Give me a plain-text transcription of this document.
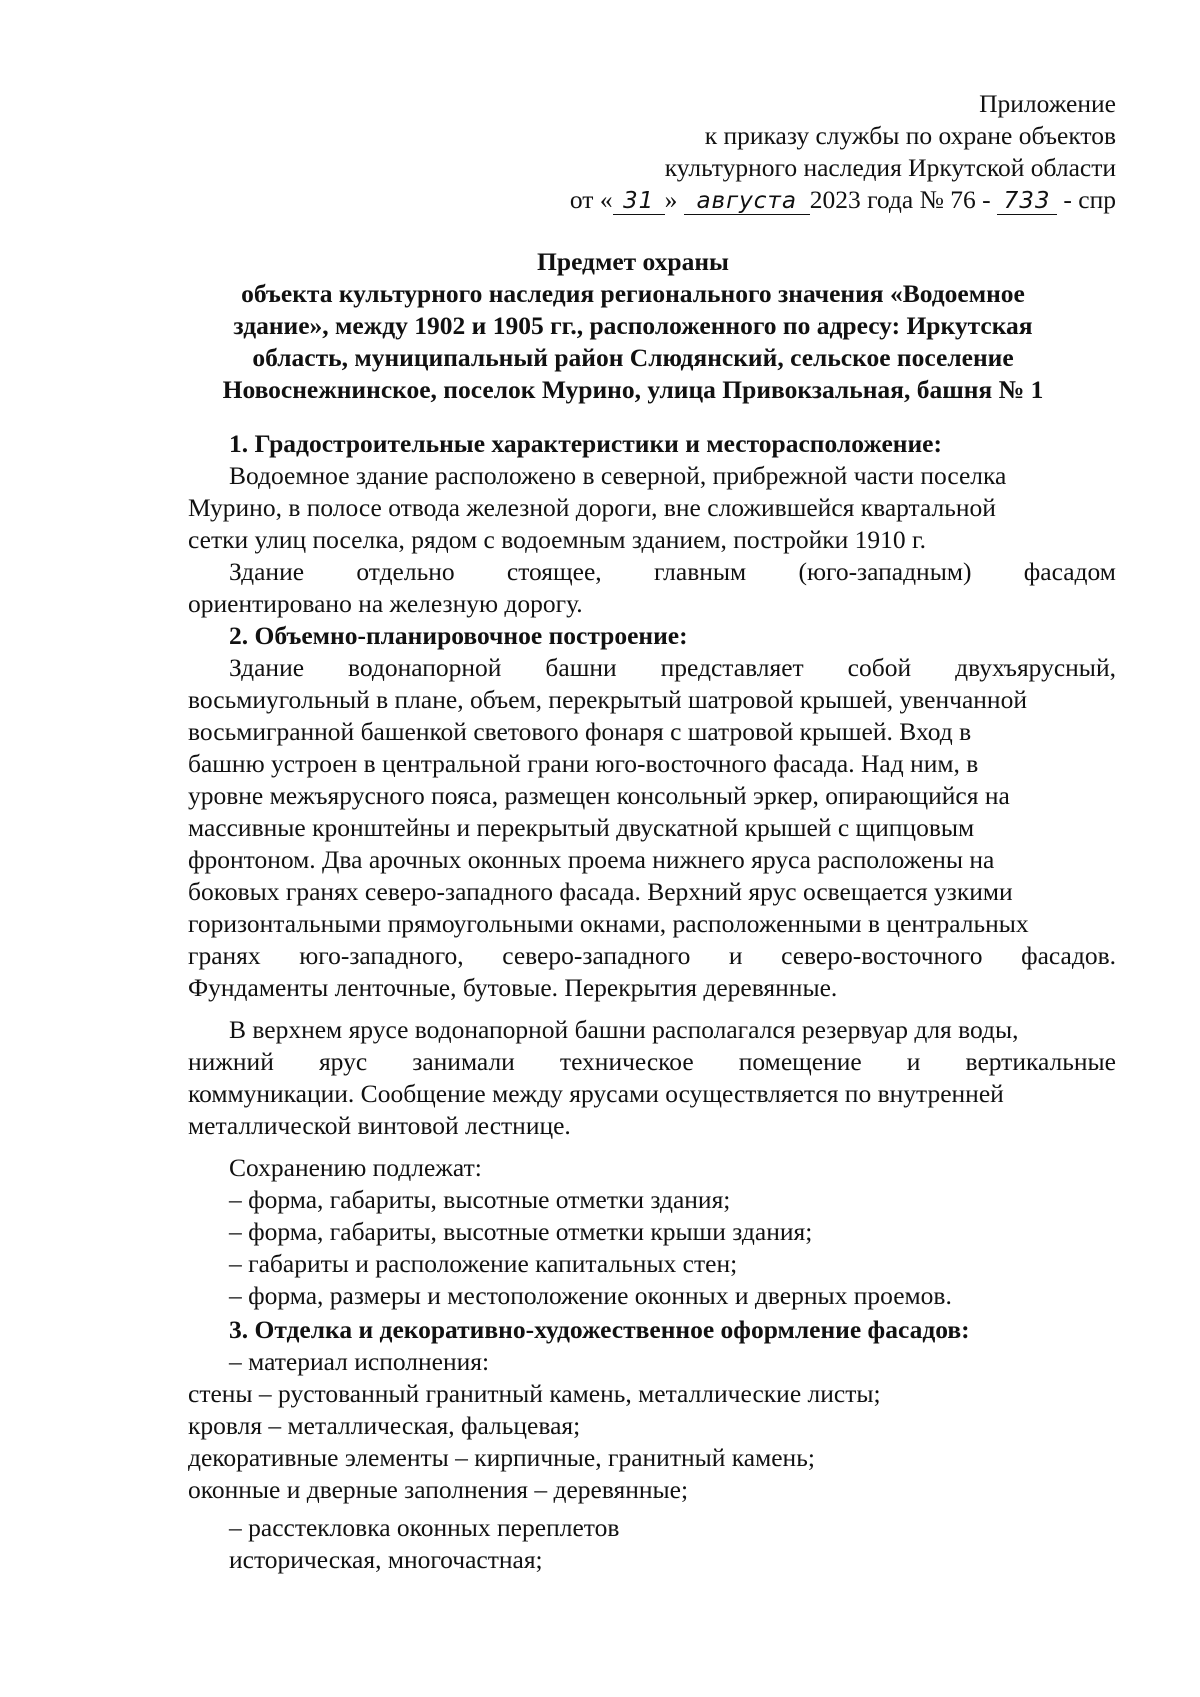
Приложение
к приказу службы по охране объектов
культурного наследия Иркутской области
от « 31 » августа 2023 года № 76 - 733 - спр
Предмет охраны
объекта культурного наследия регионального значения «Водоемное
здание», между 1902 и 1905 гг., расположенного по адресу: Иркутская
область, муниципальный район Слюдянский, сельское поселение
Новоснежнинское, поселок Мурино, улица Привокзальная, башня № 1
1. Градостроительные характеристики и месторасположение:
Водоемное здание расположено в северной, прибрежной части поселка
Мурино, в полосе отвода железной дороги, вне сложившейся квартальной
сетки улиц поселка, рядом с водоемным зданием, постройки 1910 г.
Здание отдельно стоящее, главным (юго-западным) фасадом
ориентировано на железную дорогу.
2. Объемно-планировочное построение:
Здание водонапорной башни представляет собой двухъярусный,
восьмиугольный в плане, объем, перекрытый шатровой крышей, увенчанной
восьмигранной башенкой светового фонаря с шатровой крышей. Вход в
башню устроен в центральной грани юго-восточного фасада. Над ним, в
уровне межъярусного пояса, размещен консольный эркер, опирающийся на
массивные кронштейны и перекрытый двускатной крышей с щипцовым
фронтоном. Два арочных оконных проема нижнего яруса расположены на
боковых гранях северо-западного фасада. Верхний ярус освещается узкими
горизонтальными прямоугольными окнами, расположенными в центральных
гранях юго-западного, северо-западного и северо-восточного фасадов.
Фундаменты ленточные, бутовые. Перекрытия деревянные.
В верхнем ярусе водонапорной башни располагался резервуар для воды,
нижний ярус занимали техническое помещение и вертикальные
коммуникации. Сообщение между ярусами осуществляется по внутренней
металлической винтовой лестнице.
Сохранению подлежат:
– форма, габариты, высотные отметки здания;
– форма, габариты, высотные отметки крыши здания;
– габариты и расположение капитальных стен;
– форма, размеры и местоположение оконных и дверных проемов.
3. Отделка и декоративно-художественное оформление фасадов:
– материал исполнения:
стены – рустованный гранитный камень, металлические листы;
кровля – металлическая, фальцевая;
декоративные элементы – кирпичные, гранитный камень;
оконные и дверные заполнения – деревянные;
– расстекловка оконных переплетов
историческая, многочастная;
